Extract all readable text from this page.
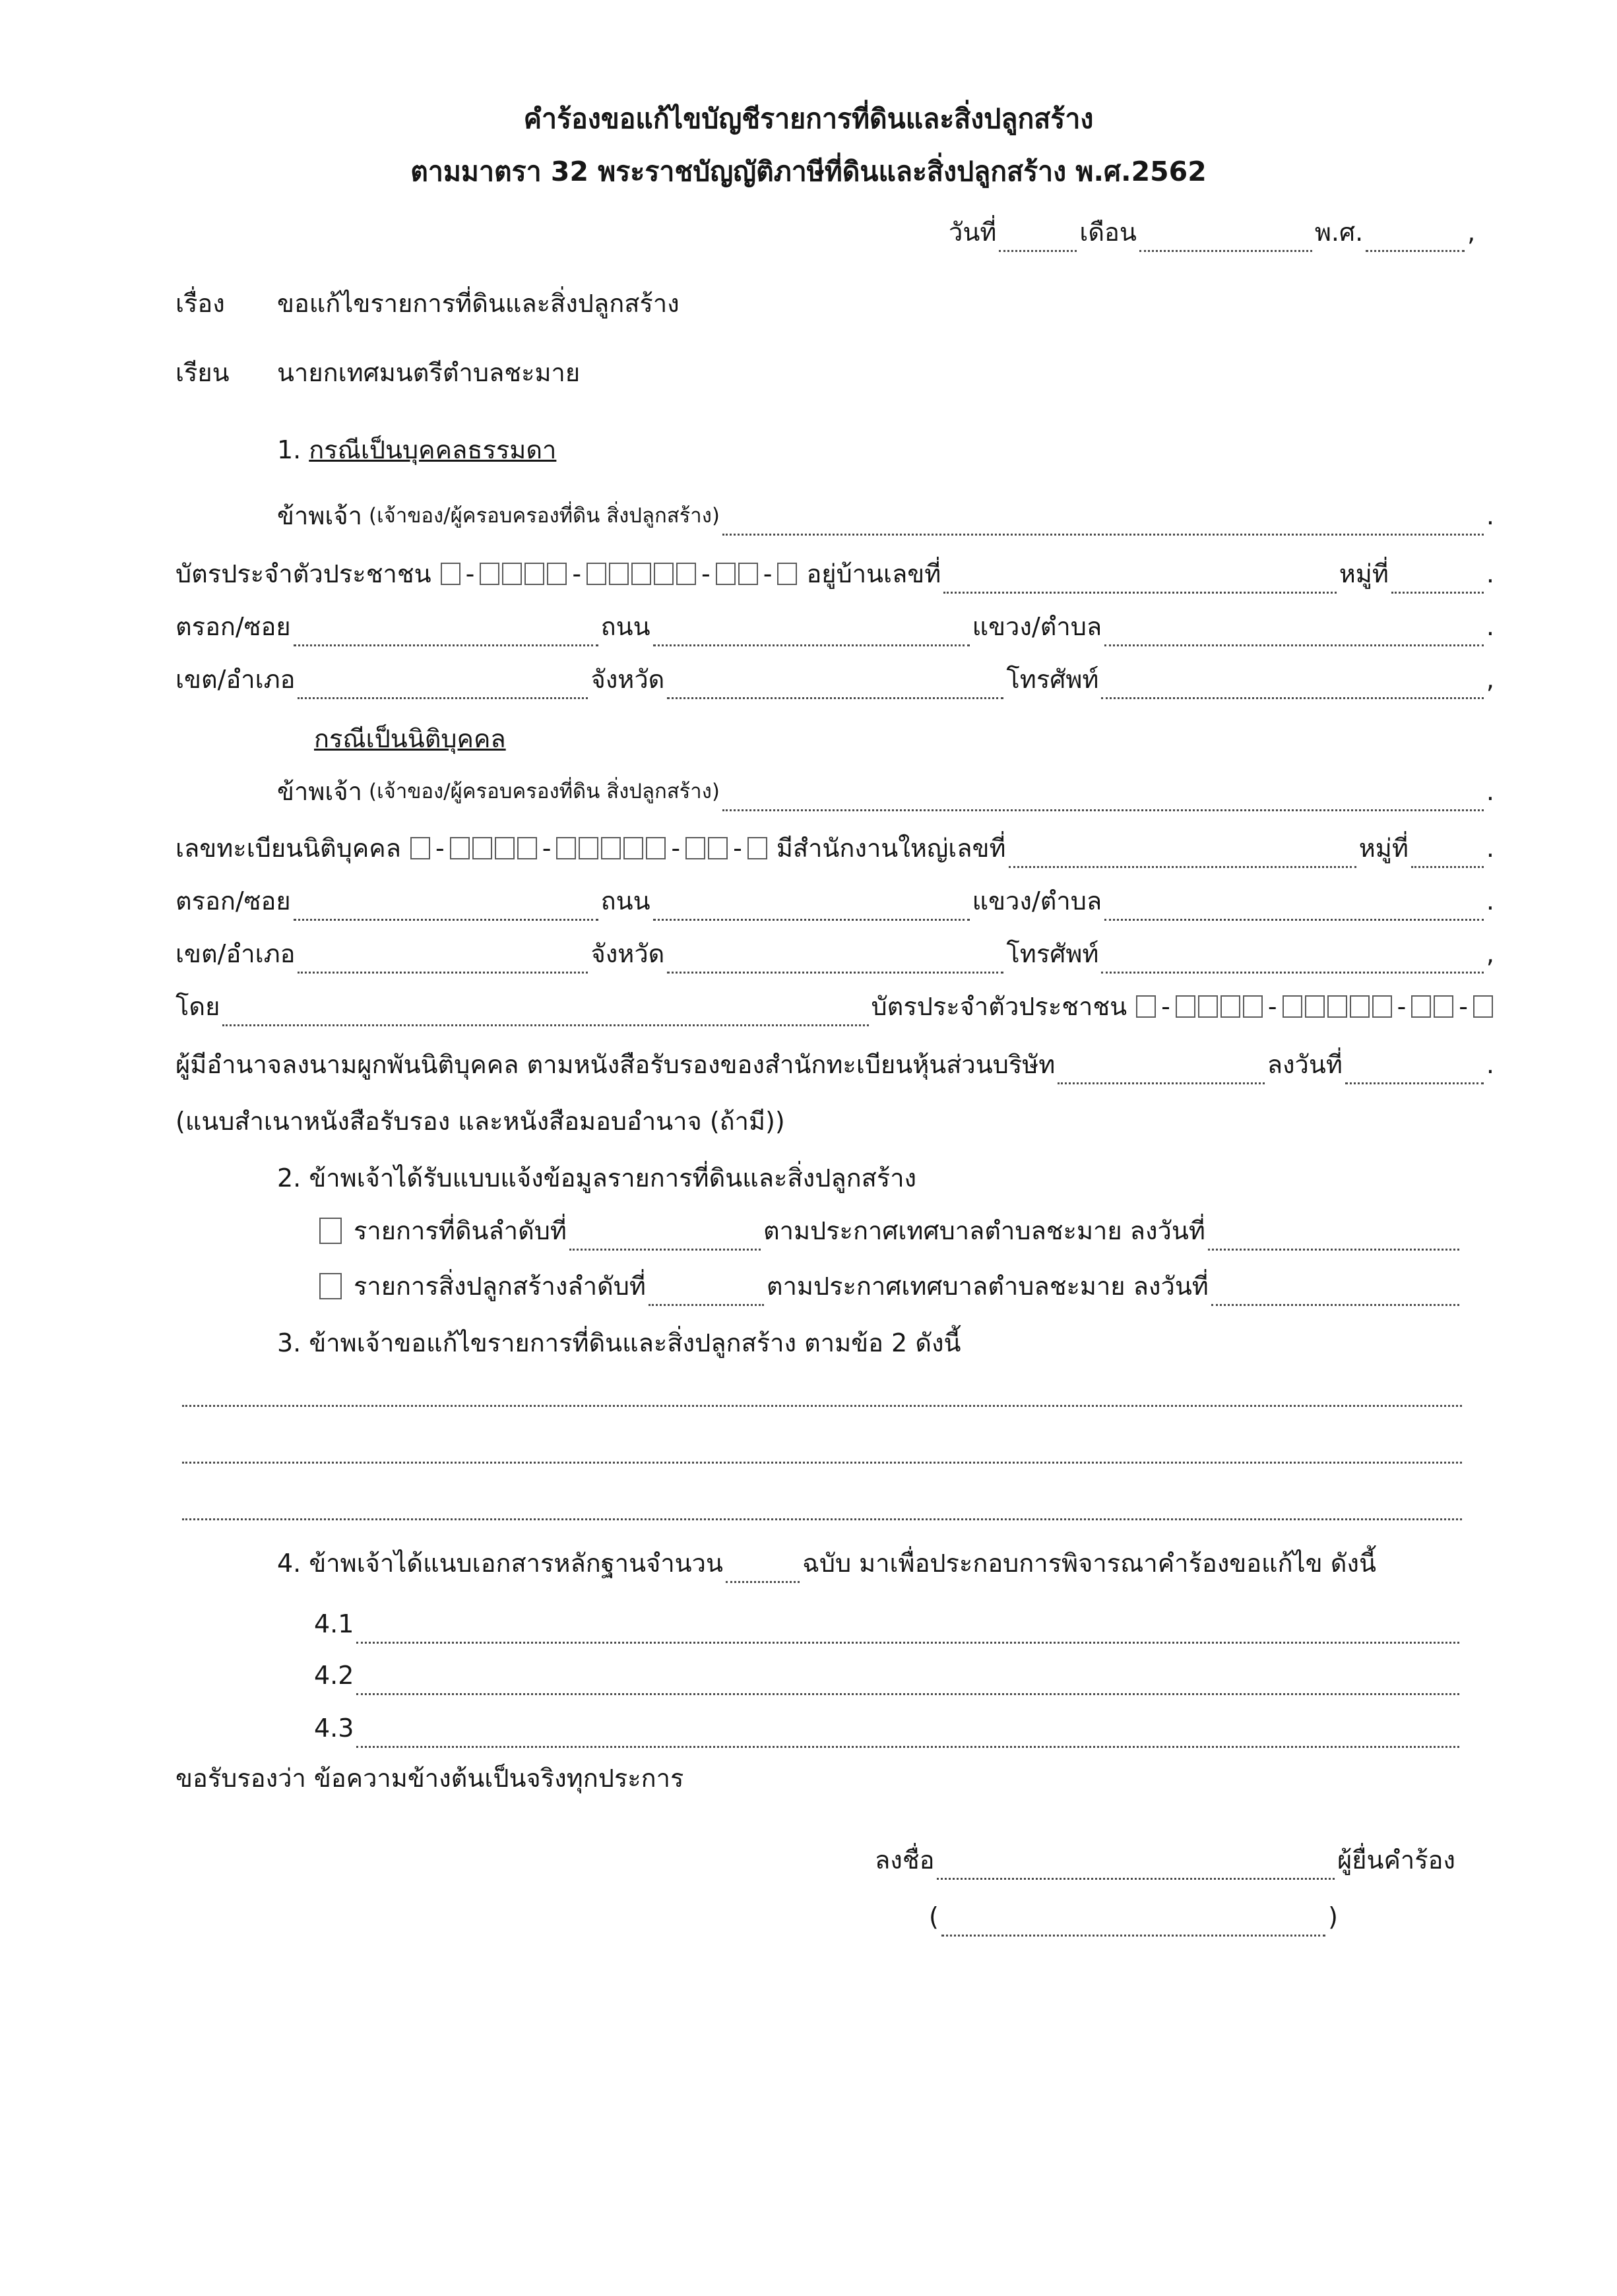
คำร้องขอแก้ไขบัญชีรายการที่ดินและสิ่งปลูกสร้าง
ตามมาตรา 32 พระราชบัญญัติภาษีที่ดินและสิ่งปลูกสร้าง พ.ศ.2562
วันที่	เดือน	พ.ศ.	,
เรื่อง	ขอแก้ไขรายการที่ดินและสิ่งปลูกสร้าง
เรียน	นายกเทศมนตรีตำบลชะมาย
1. กรณีเป็นบุคคลธรรมดา
ข้าพเจ้า (เจ้าของ/ผู้ครอบครองที่ดิน สิ่งปลูกสร้าง)	.
บัตรประจำตัวประชาชน -	-	- - อยู่บ้านเลขที่	หมู่ที่	.
ตรอก/ซอย	ถนน	แขวง/ตำบล	.
เขต/อำเภอ	จังหวัด	โทรศัพท์	,
กรณีเป็นนิติบุคคล
ข้าพเจ้า (เจ้าของ/ผู้ครอบครองที่ดิน สิ่งปลูกสร้าง)	.
เลขทะเบียนนิติบุคคล -	-	- - มีสำนักงานใหญ่เลขที่	หมู่ที่	.
ตรอก/ซอย	ถนน	แขวง/ตำบล	.
เขต/อำเภอ	จังหวัด	โทรศัพท์	,
โดย	บัตรประจำตัวประชาชน -	-	- -
ผู้มีอำนาจลงนามผูกพันนิติบุคคล ตามหนังสือรับรองของสำนักทะเบียนหุ้นส่วนบริษัท	ลงวันที่	.
(แนบสำเนาหนังสือรับรอง และหนังสือมอบอำนาจ (ถ้ามี))
2. ข้าพเจ้าได้รับแบบแจ้งข้อมูลรายการที่ดินและสิ่งปลูกสร้าง
รายการที่ดินลำดับที่	ตามประกาศเทศบาลตำบลชะมาย ลงวันที่
รายการสิ่งปลูกสร้างลำดับที่	ตามประกาศเทศบาลตำบลชะมาย ลงวันที่
3. ข้าพเจ้าขอแก้ไขรายการที่ดินและสิ่งปลูกสร้าง ตามข้อ 2 ดังนี้
4. ข้าพเจ้าได้แนบเอกสารหลักฐานจำนวน	ฉบับ มาเพื่อประกอบการพิจารณาคำร้องขอแก้ไข ดังนี้
4.1
4.2
4.3
ขอรับรองว่า ข้อความข้างต้นเป็นจริงทุกประการ
ลงชื่อ	ผู้ยื่นคำร้อง
(	)
